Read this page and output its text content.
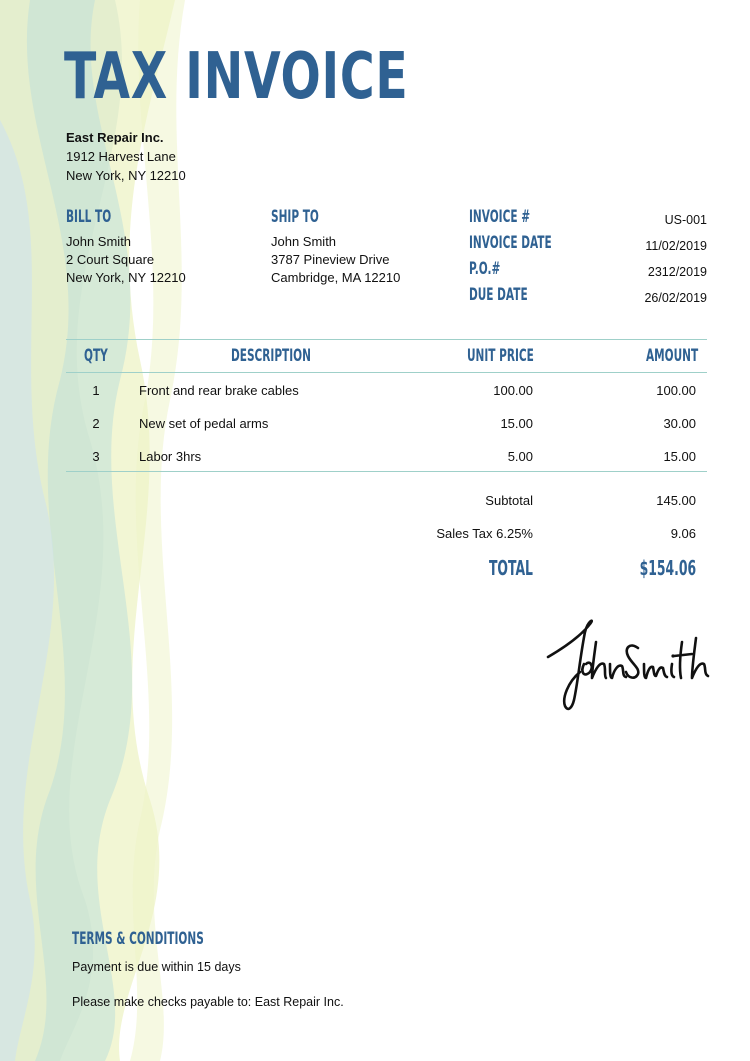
TAX INVOICE
East Repair Inc.
1912 Harvest Lane
New York, NY 12210
BILL TO
John Smith
2 Court Square
New York, NY 12210
SHIP TO
John Smith
3787 Pineview Drive
Cambridge, MA 12210
INVOICE #	US-001
INVOICE DATE	11/02/2019
P.O.#	2312/2019
DUE DATE	26/02/2019
QTY	DESCRIPTION	UNIT PRICE	AMOUNT
1	Front and rear brake cables	100.00	100.00
2	New set of pedal arms	15.00	30.00
3	Labor 3hrs	5.00	15.00
Subtotal	145.00
Sales Tax 6.25%	9.06
TOTAL	$154.06
TERMS & CONDITIONS
Payment is due within 15 days
Please make checks payable to: East Repair Inc.
